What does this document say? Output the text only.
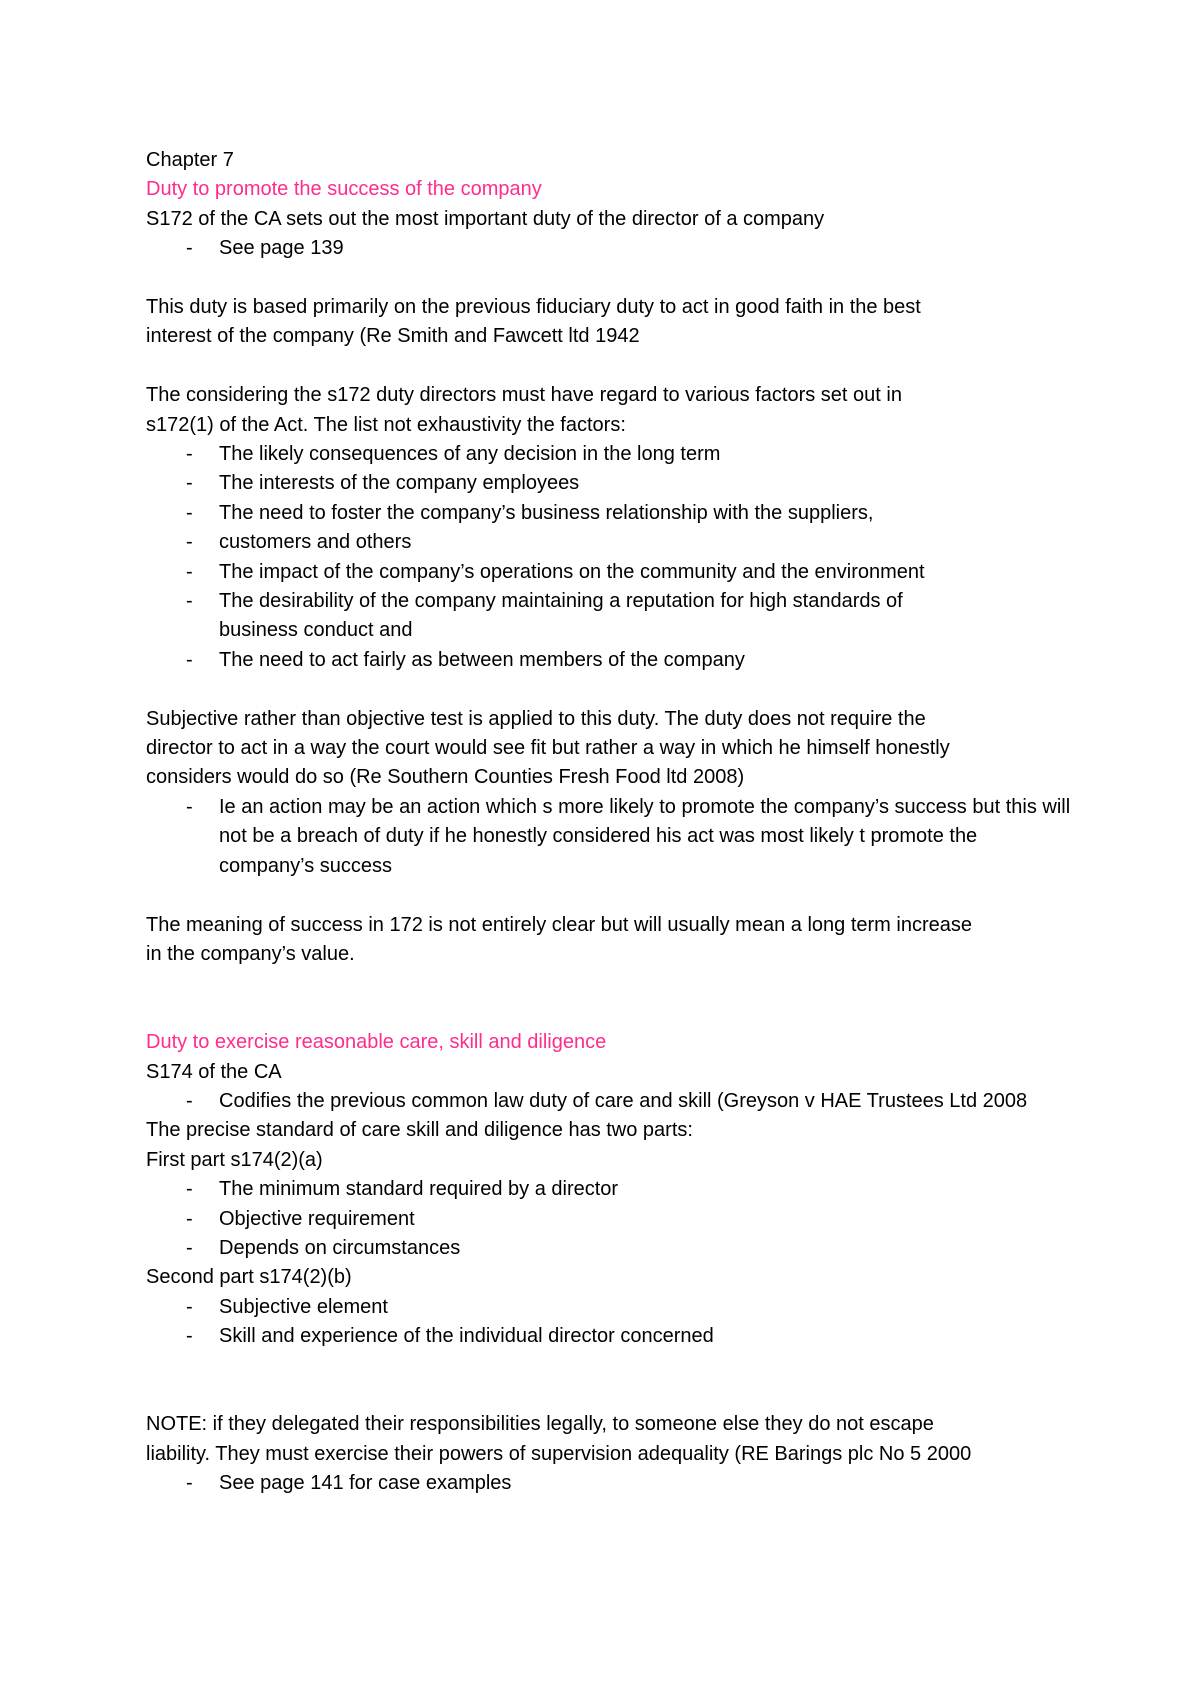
Chapter 7

Duty to promote the success of the company

S172 of the CA sets out the most important duty of the director of a company

- See page 139

This duty is based primarily on the previous fiduciary duty to act in good faith in the best

interest of the company (Re Smith and Fawcett ltd 1942

The considering the s172 duty directors must have regard to various factors set out in

s172(1) of the Act. The list not exhaustivity the factors:

- The likely consequences of any decision in the long term

- The interests of the company employees

- The need to foster the company’s business relationship with the suppliers,

- customers and others

- The impact of the company’s operations on the community and the environment

- The desirability of the company maintaining a reputation for high standards of business conduct and

- The need to act fairly as between members of the company

Subjective rather than objective test is applied to this duty. The duty does not require the

director to act in a way the court would see fit but rather a way in which he himself honestly

considers would do so (Re Southern Counties Fresh Food ltd 2008)

- Ie an action may be an action which s more likely to promote the company’s success but this will not be a breach of duty if he honestly considered his act was most likely t promote the company’s success

The meaning of success in 172 is not entirely clear but will usually mean a long term increase

in the company’s value.

Duty to exercise reasonable care, skill and diligence

S174 of the CA

- Codifies the previous common law duty of care and skill (Greyson v HAE Trustees Ltd 2008

The precise standard of care skill and diligence has two parts:

First part s174(2)(a)

- The minimum standard required by a director

- Objective requirement

- Depends on circumstances

Second part s174(2)(b)

- Subjective element

- Skill and experience of the individual director concerned

NOTE: if they delegated their responsibilities legally, to someone else they do not escape

liability. They must exercise their powers of supervision adequality (RE Barings plc No 5 2000

- See page 141 for case examples
